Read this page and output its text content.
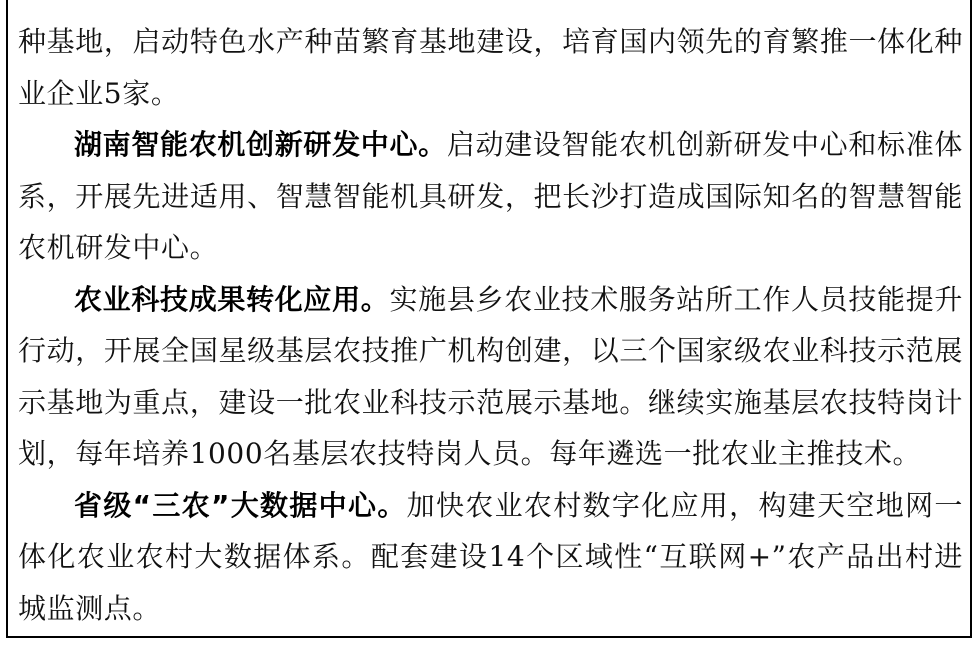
种基地，启动特色水产种苗繁育基地建设，培育国内领先的育繁推一体化种业企业5家。

湖南智能农机创新研发中心。启动建设智能农机创新研发中心和标准体系，开展先进适用、智慧智能机具研发，把长沙打造成国际知名的智慧智能农机研发中心。

农业科技成果转化应用。实施县乡农业技术服务站所工作人员技能提升行动，开展全国星级基层农技推广机构创建，以三个国家级农业科技示范展示基地为重点，建设一批农业科技示范展示基地。继续实施基层农技特岗计划，每年培养1000名基层农技特岗人员。每年遴选一批农业主推技术。

省级“三农”大数据中心。加快农业农村数字化应用，构建天空地网一体化农业农村大数据体系。配套建设14个区域性“互联网+”农产品出村进城监测点。
